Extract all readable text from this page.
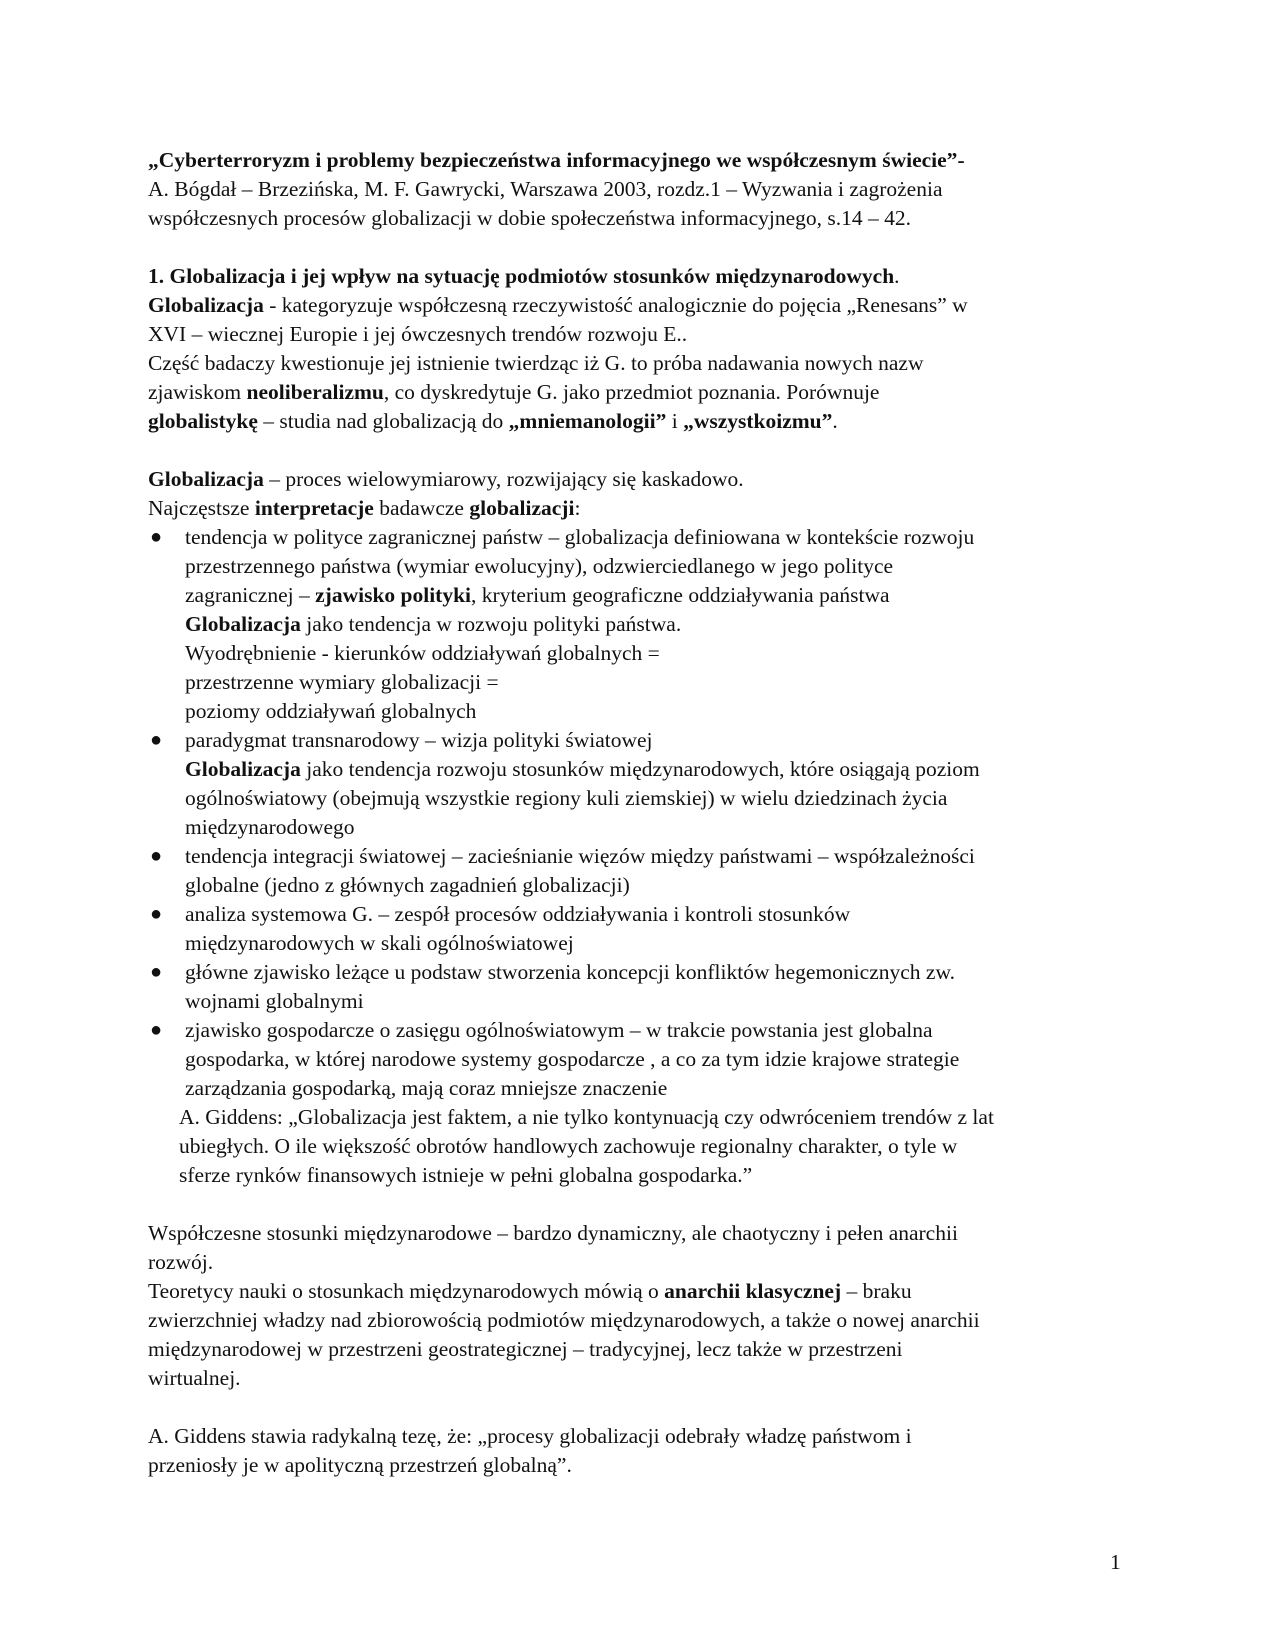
„Cyberterroryzm i problemy bezpieczeństwa informacyjnego we współczesnym świecie”-
A. Bógdał – Brzezińska, M. F. Gawrycki, Warszawa 2003, rozdz.1 – Wyzwania i zagrożenia
współczesnych procesów globalizacji w dobie społeczeństwa informacyjnego, s.14 – 42.
1. Globalizacja i jej wpływ na sytuację podmiotów stosunków międzynarodowych.
Globalizacja - kategoryzuje współczesną rzeczywistość analogicznie do pojęcia „Renesans” w
XVI – wiecznej Europie i jej ówczesnych trendów rozwoju E..
Część badaczy kwestionuje jej istnienie twierdząc iż G. to próba nadawania nowych nazw
zjawiskom neoliberalizmu, co dyskredytuje G. jako przedmiot poznania. Porównuje
globalistykę – studia nad globalizacją do „mniemanologii” i „wszystkoizmu”.
Globalizacja – proces wielowymiarowy, rozwijający się kaskadowo.
Najczęstsze interpretacje badawcze globalizacji:
● tendencja w polityce zagranicznej państw – globalizacja definiowana w kontekście rozwoju
przestrzennego państwa (wymiar ewolucyjny), odzwierciedlanego w jego polityce
zagranicznej – zjawisko polityki, kryterium geograficzne oddziaływania państwa
Globalizacja jako tendencja w rozwoju polityki państwa.
Wyodrębnienie - kierunków oddziaływań globalnych =
przestrzenne wymiary globalizacji =
poziomy oddziaływań globalnych
● paradygmat transnarodowy – wizja polityki światowej
Globalizacja jako tendencja rozwoju stosunków międzynarodowych, które osiągają poziom
ogólnoświatowy (obejmują wszystkie regiony kuli ziemskiej) w wielu dziedzinach życia
międzynarodowego
● tendencja integracji światowej – zacieśnianie więzów między państwami – współzależności
globalne (jedno z głównych zagadnień globalizacji)
● analiza systemowa G. – zespół procesów oddziaływania i kontroli stosunków
międzynarodowych w skali ogólnoświatowej
● główne zjawisko leżące u podstaw stworzenia koncepcji konfliktów hegemonicznych zw.
wojnami globalnymi
● zjawisko gospodarcze o zasięgu ogólnoświatowym – w trakcie powstania jest globalna
gospodarka, w której narodowe systemy gospodarcze , a co za tym idzie krajowe strategie
zarządzania gospodarką, mają coraz mniejsze znaczenie
A. Giddens: „Globalizacja jest faktem, a nie tylko kontynuacją czy odwróceniem trendów z lat
ubiegłych. O ile większość obrotów handlowych zachowuje regionalny charakter, o tyle w
sferze rynków finansowych istnieje w pełni globalna gospodarka.”
Współczesne stosunki międzynarodowe – bardzo dynamiczny, ale chaotyczny i pełen anarchii
rozwój.
Teoretycy nauki o stosunkach międzynarodowych mówią o anarchii klasycznej – braku
zwierzchniej władzy nad zbiorowością podmiotów międzynarodowych, a także o nowej anarchii
międzynarodowej w przestrzeni geostrategicznej – tradycyjnej, lecz także w przestrzeni
wirtualnej.
A. Giddens stawia radykalną tezę, że: „procesy globalizacji odebrały władzę państwom i
przeniosły je w apolityczną przestrzeń globalną”.
1
